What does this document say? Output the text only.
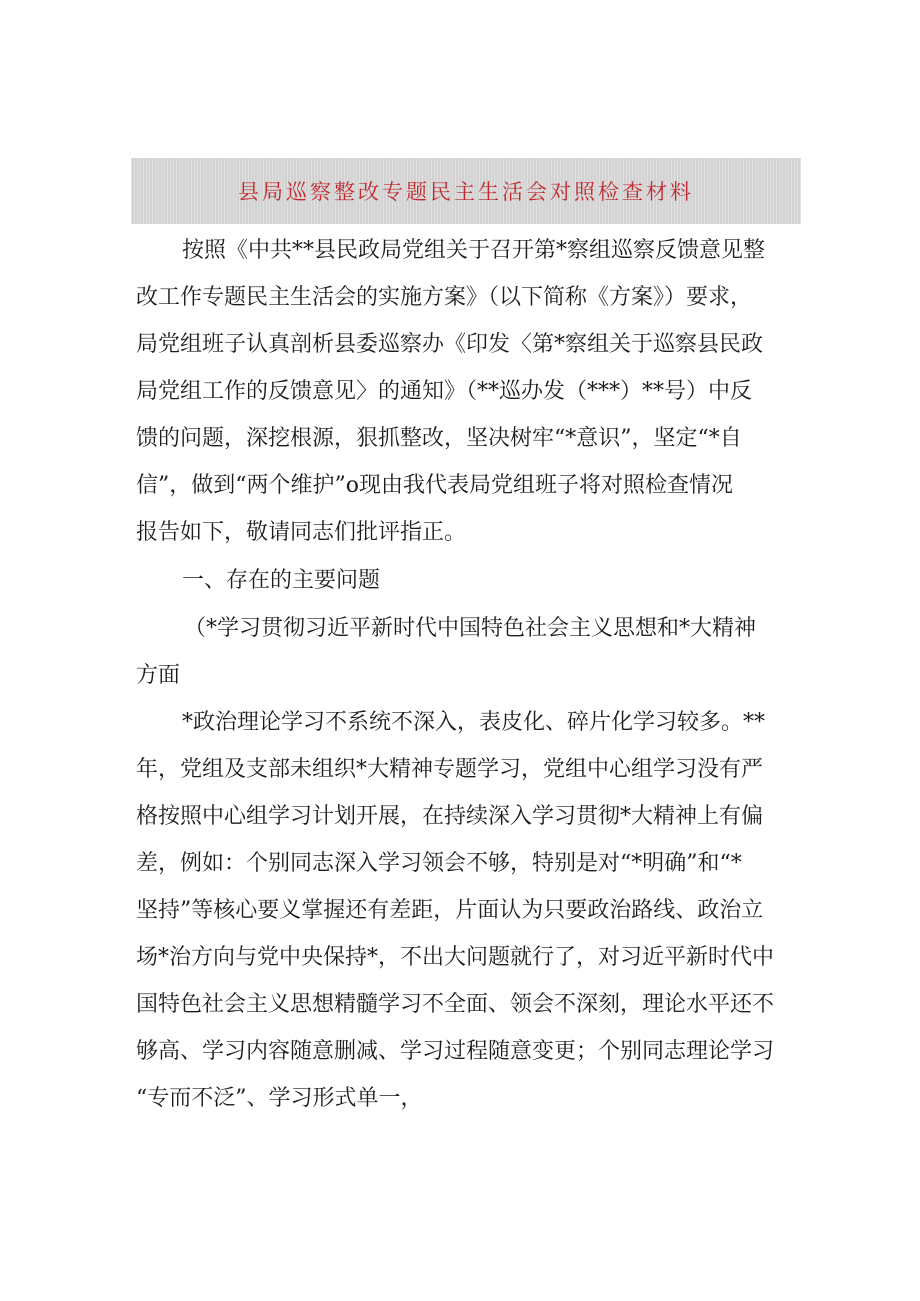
县局巡察整改专题民主生活会对照检查材料
按照《中共**县民政局党组关于召开第*察组巡察反馈意见整
改工作专题民主生活会的实施方案》（以下简称《方案》）要求，
局党组班子认真剖析县委巡察办《印发〈第*察组关于巡察县民政
局党组工作的反馈意见〉的通知》（**巡办发（***）**号）中反
馈的问题，深挖根源，狠抓整改，坚决树牢“*意识”，坚定“*自
信”，做到“两个维护”o现由我代表局党组班子将对照检查情况
报告如下，敬请同志们批评指正。
一、存在的主要问题
（*学习贯彻习近平新时代中国特色社会主义思想和*大精神
方面
*政治理论学习不系统不深入，表皮化、碎片化学习较多。**
年，党组及支部未组织*大精神专题学习，党组中心组学习没有严
格按照中心组学习计划开展，在持续深入学习贯彻*大精神上有偏
差，例如：个别同志深入学习领会不够，特别是对“*明确”和“*
坚持”等核心要义掌握还有差距，片面认为只要政治路线、政治立
场*治方向与党中央保持*，不出大问题就行了，对习近平新时代中
国特色社会主义思想精髓学习不全面、领会不深刻，理论水平还不
够高、学习内容随意删减、学习过程随意变更；个别同志理论学习
“专而不泛”、学习形式单一，
